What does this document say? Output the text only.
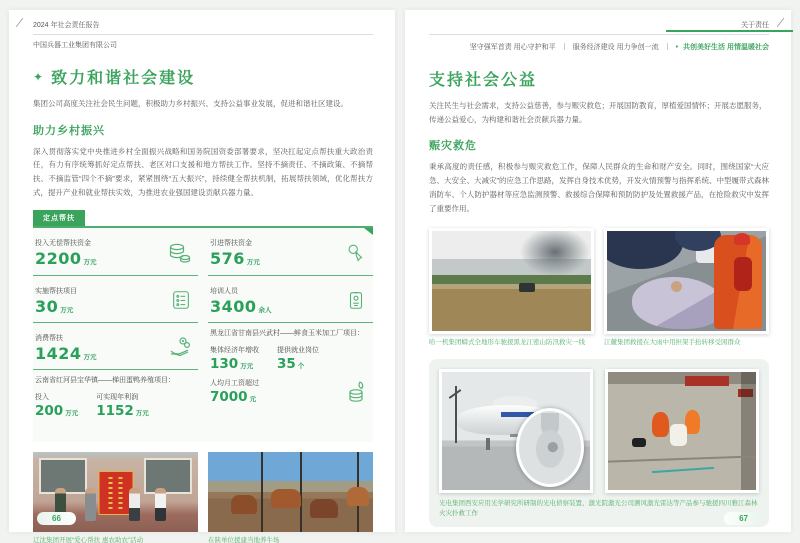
2024 年社会责任报告
中国兵器工业集团有限公司
✦ 致力和谐社会建设
集团公司高度关注社会民生问题，积极助力乡村振兴、支持公益事业发展，促进和谐社区建设。
助力乡村振兴
深入贯彻落实党中央推进乡村全面振兴战略和国务院国资委部署要求，坚决扛起定点帮扶重大政治责任，有力有序统筹抓好定点帮扶、老区对口支援和地方帮扶工作。坚持不摘责任、不摘政策、不摘帮扶、不摘监管“四个不摘”要求，紧紧围绕“五大振兴”，持续健全帮扶机制，拓展帮扶领域，优化帮扶方式，提升产业和就业帮扶实效，为推进农业强国建设贡献兵器力量。
定点帮扶
投入无偿帮扶资金
2200 万元
实施帮扶项目
30 万元
消费帮扶
1424 万元
云南省红河县宝华镇——梯田蛋鸭养殖项目：
投入
200 万元
可实现年利润
1152 万元
引进帮扶资金
576 万元
培训人员
3400 余人
黑龙江省甘南县兴武村——鲜食玉米加工厂项目：
集体经济年增收
130 万元
提供就业岗位
35 个
人均月工资超过
7000 元
辽沈集团开展“爱心帮扶 惠农助农”活动	在陕单位援建当地养牛场
66
关于责任
坚守强军首责 用心守护和平 服务经济建设 用力争创一流 • 共创美好生活 用情温暖社会
支持社会公益
关注民生与社会需求，支持公益慈善，参与赈灾救危；开展国防教育，厚植爱国情怀；开展志愿服务，传递公益爱心，为构建和谐社会贡献兵器力量。
赈灾救危
秉承高度的责任感，积极参与赈灾救危工作，保障人民群众的生命和财产安全。同时，围绕国家“大应急、大安全、大减灾”的应急工作思路，发挥自身技术优势，开发火情预警与指挥系统、中型履带式森林消防车、个人防护器材等应急监测预警、救援综合保障和预防防护及处置救援产品，在抢险救灾中发挥了重要作用。
哈一机集团蟒式全地形车驰援黑龙江密山防汛救灾一线	江麓集团救援在大雨中用担架手抬转移受困群众
光电集团西安应用光学研究所研制的光电侦察装置、激光院激光公司测风激光雷达等产品参与驰援四川雅江森林火灾扑救工作
67
